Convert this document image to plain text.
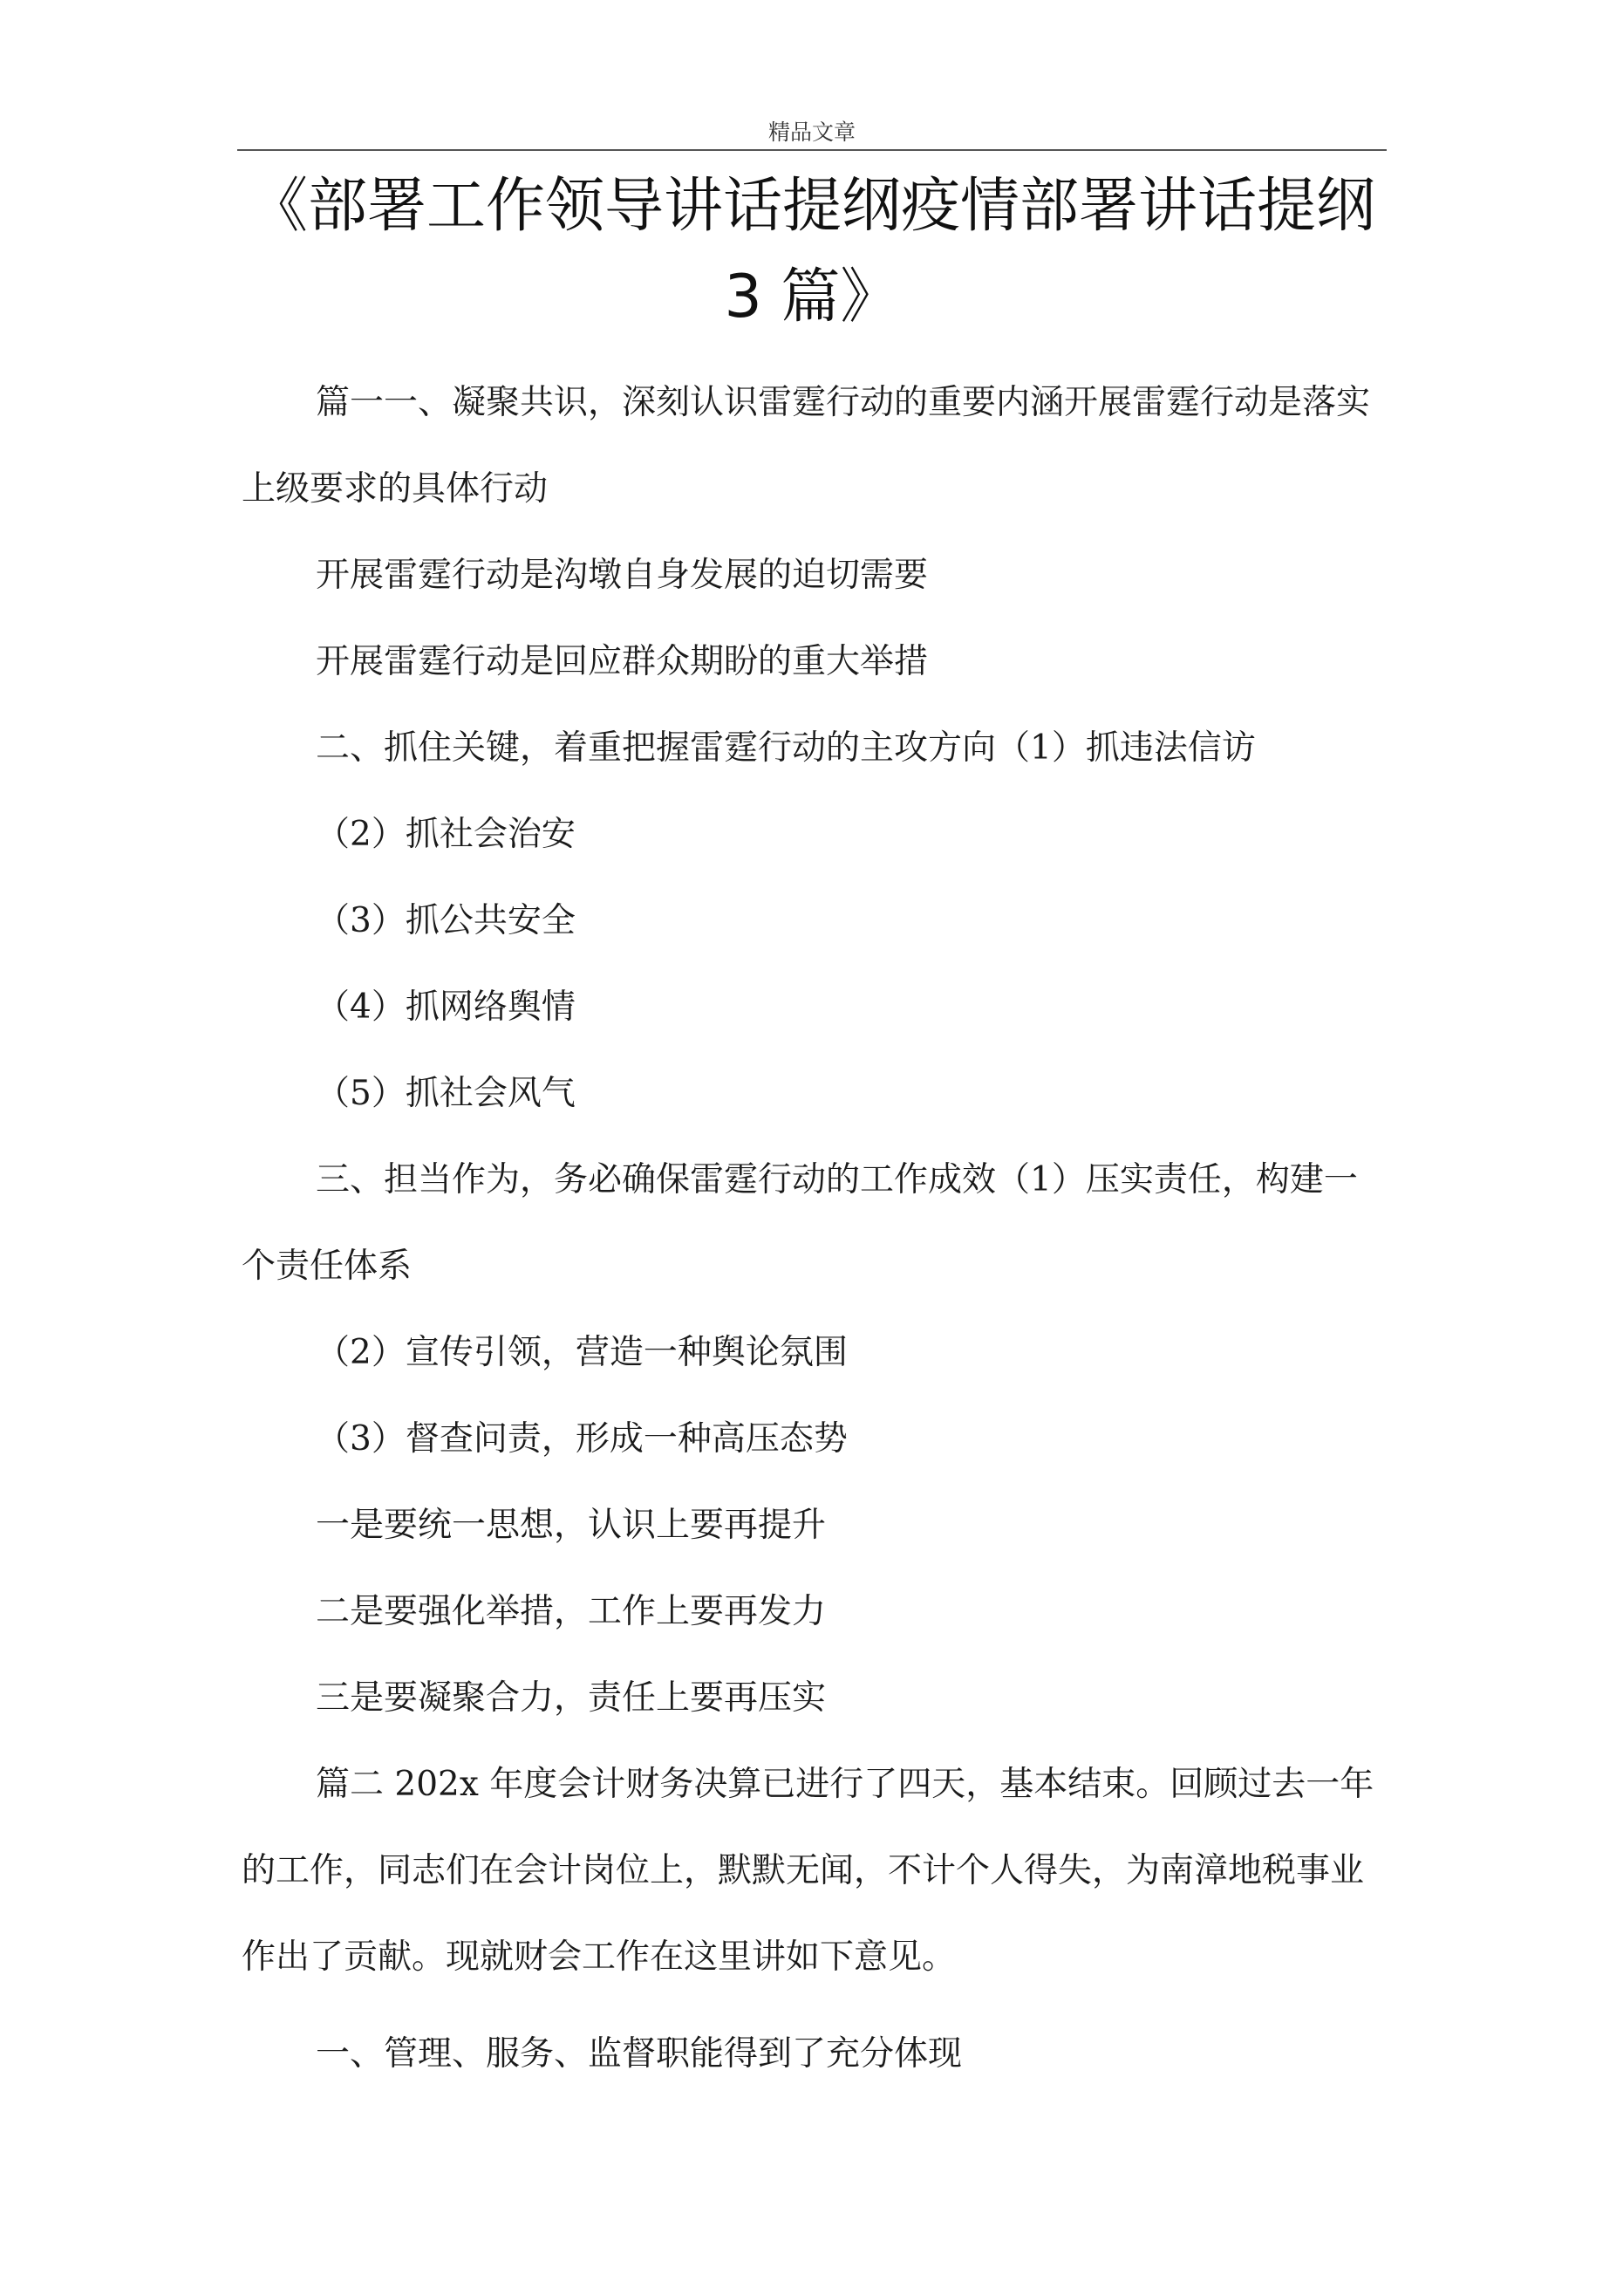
精品文章
《部署工作领导讲话提纲疫情部署讲话提纲
3 篇》

篇一一、凝聚共识，深刻认识雷霆行动的重要内涵开展雷霆行动是落实上级要求的具体行动

开展雷霆行动是沟墩自身发展的迫切需要

开展雷霆行动是回应群众期盼的重大举措

二、抓住关键，着重把握雷霆行动的主攻方向（1）抓违法信访

（2）抓社会治安

（3）抓公共安全

（4）抓网络舆情

（5）抓社会风气

三、担当作为，务必确保雷霆行动的工作成效（1）压实责任，构建一个责任体系

（2）宣传引领，营造一种舆论氛围

（3）督查问责，形成一种高压态势

一是要统一思想，认识上要再提升

二是要强化举措，工作上要再发力

三是要凝聚合力，责任上要再压实

篇二 202x 年度会计财务决算已进行了四天，基本结束。回顾过去一年的工作，同志们在会计岗位上，默默无闻，不计个人得失，为南漳地税事业作出了贡献。现就财会工作在这里讲如下意见。

一、管理、服务、监督职能得到了充分体现
